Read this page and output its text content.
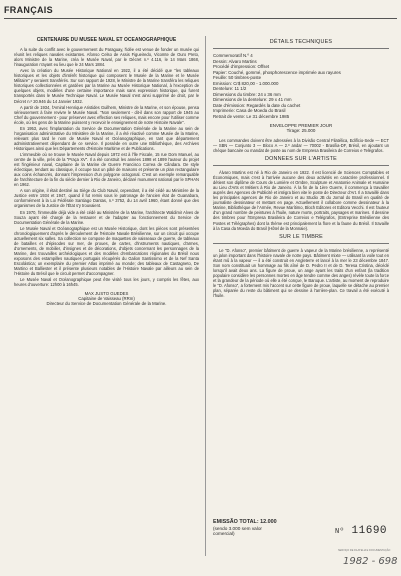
FRANÇAIS
CENTENAIRE DU MUSEE NAVAL ET OCEANOGRAPHIQUE

A la suite du conflit avec le gouvernement du Paraguay, l'idée est venue de fonder un musée qui réunit les reliques navales existantes. Afonso Celso de Assis Figueiredo, Vicomte de Ouro Preto, alors Ministre de la Marine, créa le Musée Naval, par le Décret n.º 4.116, le 14 Mars 1868, l'inauguration n'ayant eu lieu que le 24 Mars 1884.

Avec la création du Musée Historique National en 1922, il a été décidé que "les tableaux historiques et les objets d'intérêt historique qui composent le Musée de la Marine et le Musée Militaire" y seraient transférés. Sur son rapport de 1928, le Ministre de la Marine transféra les reliques historiques collectionnées et gardées par la Marine au Musée Historique National, à l'exception de quelques objets, modèles d'une certaine importance mais sans expression historique, qui furent transportés dans le Musée Technique Naval. Le Musée Naval s'est ainsi supprimé de droit, par le Décret n.º 20.946 du 14 Janvier 1932.

A partir de 1934, l'Amiral Henrique Aristides Guilhem, Ministre de la Marine, et son épouse, pensa sérieusement à faire revivre le Musée Naval. "Non seulement - dit-il dans son rapport de 1945 au Chef du gouvernement - pour préserver avec effection ses reliques, mais encore pour l'utiliser comme école, où les gens de la Marine puissent y recevoir le enseignement de notre Histoire Navale".

En 1953, avec l'implantation du Service de Documentation Générale de la Marine au sein de l'organisation administrative du Ministère de la Marine, il a été réactivé comme Musée de la Marine, relevant plus tard le nom de Musée Naval et Océanographique, en tant que département administrativement dépendant de ce service. Il possède en outre une Bibliothèque, des Archives Historiques ainsi que les Départements d'Histoire Maritime et de Publications.

L'immeuble où se trouve le Musée Naval depuis 1972 est à l'Île Fiscale, 15 rue Dom Manuel, au centre de la ville, près de la "Praça XV". Il a été construit les années 1898 et 1899 l'auteur du projet est l'ingénieur naval, Capitaine de la Marine de Guerre Francisco Correa de Cândara. De style éclectique, tendant au classique, il occupe tout un pâté de maisons et présente un plan rectangulaire aux coins échancrés, donnant l'impression d'un polygone octogonal. C'est un exemple remarquable de l'architecture de la fin du siècle dernier à Rio de Janeiro, déclaré monument national par le SPHAN en 1962.

A son origine, il était destiné au Siège du Club Naval, cependant, il a été cédé au Ministère de la Justice entre 1934 et 1947, quand il fut remis sous le patronage de l'ancien état de Guanabara, conformément à la Loi Fédérale Santiago Dantas, n.º 3752, du 14 avril 1960, étant donné que des organismes de la Justice de l'État s'y trouvaient.

En 1970, l'immeuble déjà vide a été cédé au Ministère de la Marine, l'architecte Waldimir Alves de Souza ayant été chargé de la restaurer et de l'adapter au fonctionnement du Service de Documentation Générale de la Marine.

Le Musée Naval et Océanographique est un Musée Historique, dont les pièces sont présentées chronologiquement d'après le déroulement de l'Histoire Navale Brésilienne, sur un circuit qui occupe actuellement six salles. Sa collection se compose de maquettes de vaisseaux de guerre, de tableaux de batailles et d'épisodes sur mer, de proues, de cartes, d'instruments nautiques, d'armes, d'ornements, de mobilier, d'insignes et de décorations, d'objets concernant les personnages de la Marine, des trouvailles archéologiques et des modèles d'embarcations régionales du Brésil nous exposons des estampilles nautiques portugais récupérés du Galion Santissimo et de la Nef Santa Escolástica; un exemplaire du premier Atlas imprimé au monde; des tableaux de Castagneto, De Martino et Balliester et il présente plusieurs notables de l'Histoire Navale par ailleurs au sein de l'Histoire du Brésil que le circuit permet d'accompagner.

Le Musée Naval et Océanographique peut être visité tous les jours, y compris les fêtes, aux heures d'ouverture: 12h00 à 16h45.

MAX JUSTO GUEDES
Capitaine de Vaisseau (RRm)
Directeur du Service de Documentation Générale de la Marine.
DÉTAILS TECHNIQUES
Commemoratif N.º 4
Dessin: Alvaro Martins
Procédé d'impression: Offset
Papier: Couché, gommé, phosphorescence imprimée aux rayures
Feuille: 50 timbres-poste
Emission: Cr$ 820,00 - 1.000.000
Dentelure: 11 1/2
Dimensions du timbre: 24 x 36 mm
Dimensions de la dentelure: 29 x 41 mm
Date d'émission: Regardés la date du cachet
Imprimerie: Casa de Moeda do Brasil
Retrait de vente: Le 31 décembre 1985
ENVELOPPE PREMIER JOUR
Tirage: 25.000

Les commandes doivent être adressées à la Divisão Central Filatélica, Edifício-Sede — ECT — SBN — Conjunto 3 — Bloco A — 2.º andar — 70002 - Brasília-DF, Brésil, en ajoutant un chèque bancaire ou mandat de poste au nom de Empresa Brasileira de Correios e Telégrafos.

DONNEES SUR L'ARTISTE

Álvaro Martins est né à Rio de Janeiro en 1922. Il est licencié de Sciences Comptables et Économiques, mais c'est à l'arrivée aucune des deux activités en caractère professionnel. Il détient son diplôme de Cours de Lumière et Ombre, Sculpture et Anatomie Animale et Humaine au Lieu d'Arts et Métiers à Rio de Janeiro. À la fin de la 1ère Guerre, il commença à travailler auprès des Agences de Publicité et intégra bien vite le poste de Directeur d'Art. Il a travaillé dans les principales agences de Rio de Janeiro et au Studio JB du Jornal do Brasil en qualité de journaliste dessinateur et mettant en page. Actuellement il collabore comme dessinateur à la Marine, Bibliothèque de l'Armée, Revue Marítimo, Bloch Editores et Editora Vecchi. Il est l'auteur d'un grand nombre de peintures à l'huile, nature morte, portraits, paysages et marines. Il dessine des timbres pour l'Empresa Brasileira de Correios e Telégrafos, (Entreprise Brésilienne des Postes et Télégraphes) dont la thème est principalement la flore et la faune du Brésil. Il travaille à la Casa da Moeda do Brasil (Hôtel de la Monnaie).

SUR LE TIMBRE

Le "D. Afonso", premier bâtiment de guerre à vapeur de la Marine brésilienne, a représenté un jalon important dans l'histoire navale de notre pays. Bâtiment mixte — utilisant la voile tout en étant mû à la vapeur — il a été construit en Angleterre et lancé à la mer le 23 décembre 1847. Son nom constituait un hommage au fils aîné de D. Pedro II et de D. Teresa Cristina, décédé lorsqu'il avait deux ans. La figure de proue, un ange ayant les traits d'un enfant (la tradition populaire considère les personnes mortes en âge tendre comme des anges) révèle toute la force et la grandeur de la période où elle a été conçue, le Baroque. L'artiste, au moment de reproduire le "D. Afonso", a fortement mis l'accent sur cette figure de proue, laquelle se détache au premier plan, séparée du reste du bâtiment qui se dessine à l'arrière-plan. Ce travail a été exécuté à l'huile.

EMISSÃO TOTAL: 12.000
(sendo 3.000 sem valor
comercial)	Nº 11690
SERVIÇO DE FILATELIA E DOCUMENTAÇÃO
1982 - 698
